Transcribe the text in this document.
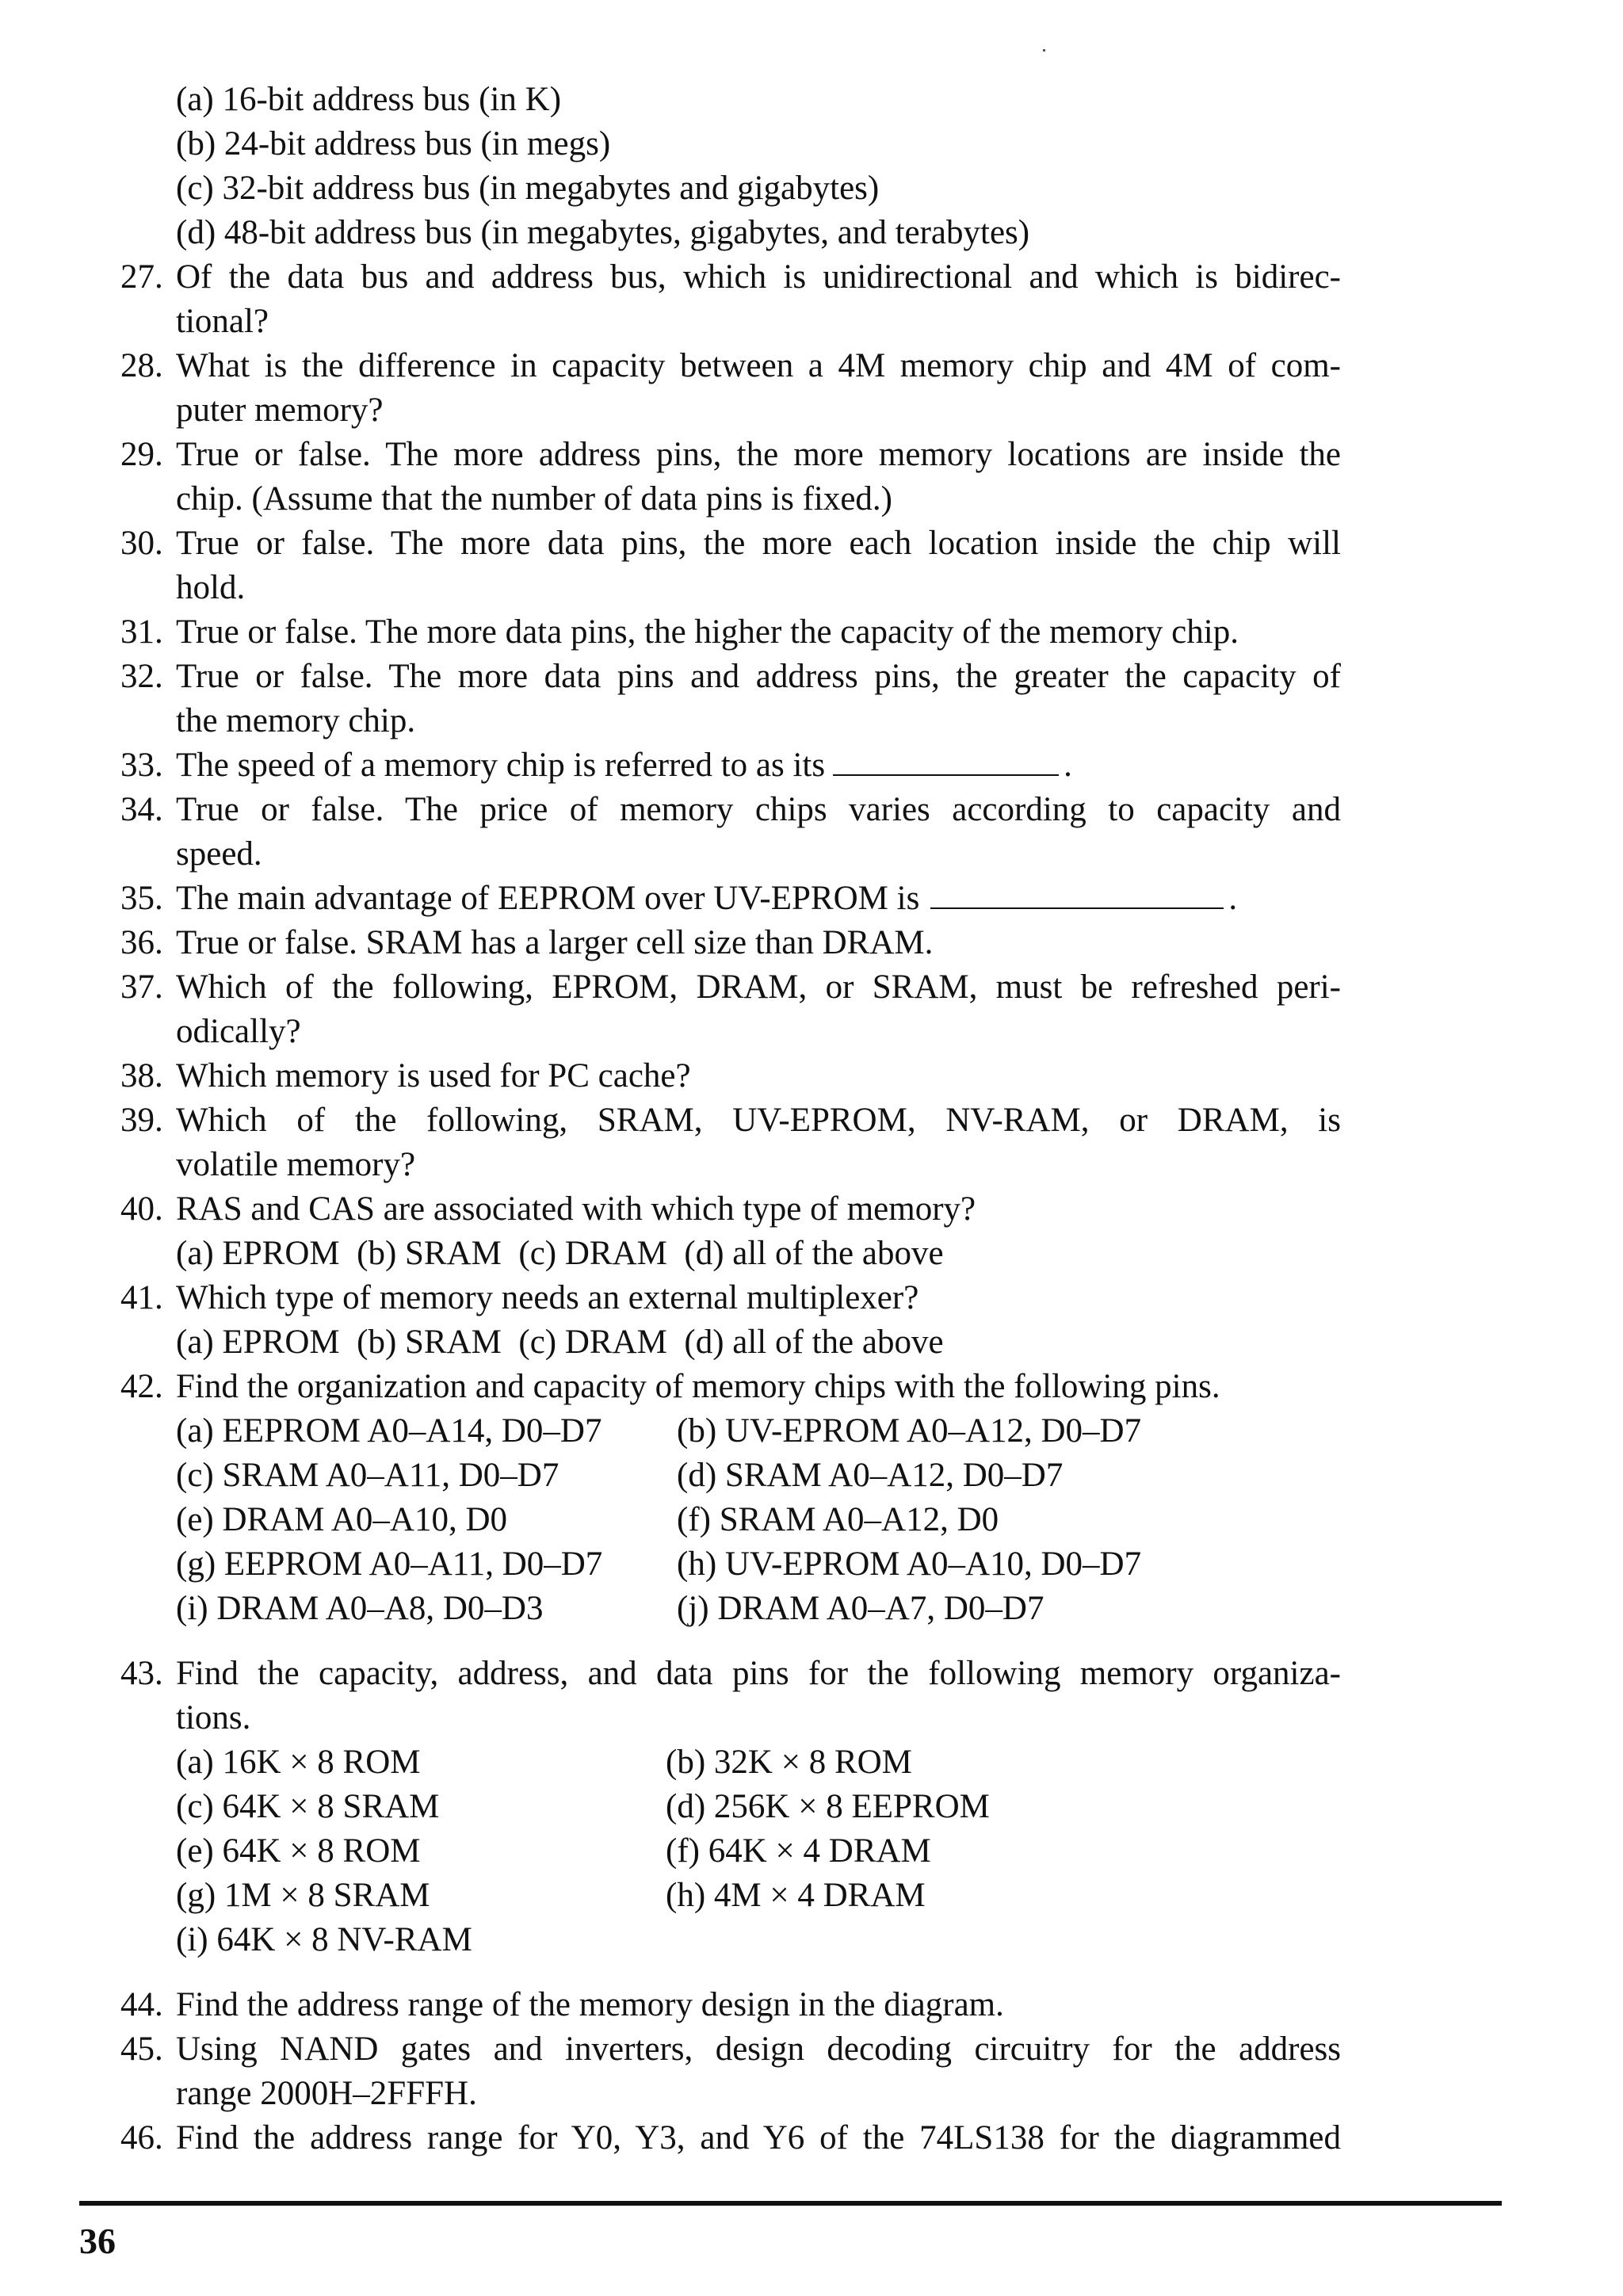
(a) 16-bit address bus (in K)
(b) 24-bit address bus (in megs)
(c) 32-bit address bus (in megabytes and gigabytes)
(d) 48-bit address bus (in megabytes, gigabytes, and terabytes)
27. Of the data bus and address bus, which is unidirectional and which is bidirec-
tional?
28. What is the difference in capacity between a 4M memory chip and 4M of com-
puter memory?
29. True or false. The more address pins, the more memory locations are inside the
chip. (Assume that the number of data pins is fixed.)
30. True or false. The more data pins, the more each location inside the chip will
hold.
31. True or false. The more data pins, the higher the capacity of the memory chip.
32. True or false. The more data pins and address pins, the greater the capacity of
the memory chip.
33. The speed of a memory chip is referred to as its	.
34. True or false. The price of memory chips varies according to capacity and
speed.
35. The main advantage of EEPROM over UV-EPROM is	.
36. True or false. SRAM has a larger cell size than DRAM.
37. Which of the following, EPROM, DRAM, or SRAM, must be refreshed peri-
odically?
38. Which memory is used for PC cache?
39. Which of the following, SRAM, UV-EPROM, NV-RAM, or DRAM, is
volatile memory?
40. RAS and CAS are associated with which type of memory?
(a) EPROM  (b) SRAM  (c) DRAM  (d) all of the above
41. Which type of memory needs an external multiplexer?
(a) EPROM  (b) SRAM  (c) DRAM  (d) all of the above
42. Find the organization and capacity of memory chips with the following pins.
(a) EEPROM A0–A14, D0–D7	(b) UV-EPROM A0–A12, D0–D7
(c) SRAM A0–A11, D0–D7	(d) SRAM A0–A12, D0–D7
(e) DRAM A0–A10, D0	(f) SRAM A0–A12, D0
(g) EEPROM A0–A11, D0–D7	(h) UV-EPROM A0–A10, D0–D7
(i) DRAM A0–A8, D0–D3	(j) DRAM A0–A7, D0–D7
43. Find the capacity, address, and data pins for the following memory organiza-
tions.
(a) 16K × 8 ROM	(b) 32K × 8 ROM
(c) 64K × 8 SRAM	(d) 256K × 8 EEPROM
(e) 64K × 8 ROM	(f) 64K × 4 DRAM
(g) 1M × 8 SRAM	(h) 4M × 4 DRAM
(i) 64K × 8 NV-RAM
44. Find the address range of the memory design in the diagram.
45. Using NAND gates and inverters, design decoding circuitry for the address
range 2000H–2FFFH.
46. Find the address range for Y0, Y3, and Y6 of the 74LS138 for the diagrammed
36
